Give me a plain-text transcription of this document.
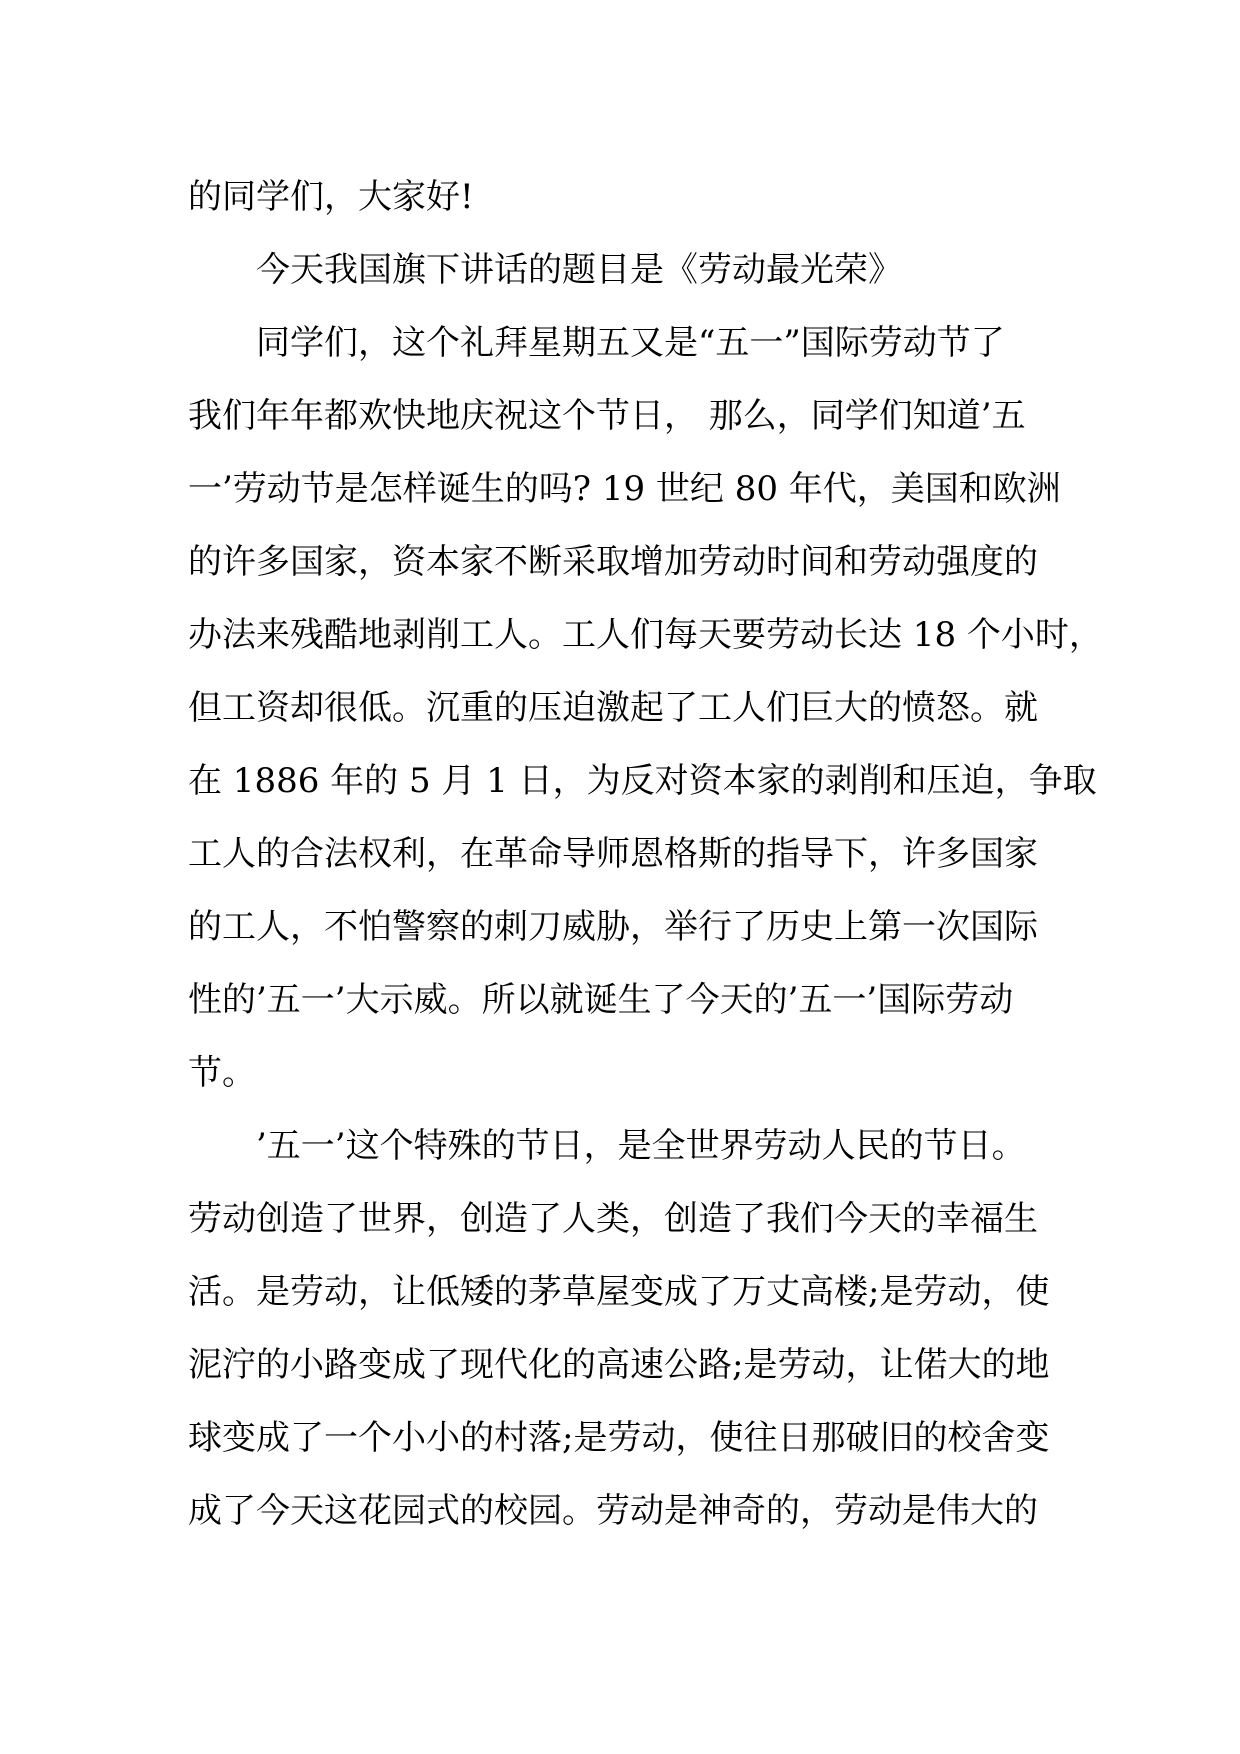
的同学们，大家好!
今天我国旗下讲话的题目是《劳动最光荣》
同学们，这个礼拜星期五又是“五一”国际劳动节了
我们年年都欢快地庆祝这个节日， 那么，同学们知道’五
一’劳动节是怎样诞生的吗? 19 世纪 80 年代，美国和欧洲
的许多国家，资本家不断采取增加劳动时间和劳动强度的
办法来残酷地剥削工人。工人们每天要劳动长达 18 个小时，
但工资却很低。沉重的压迫激起了工人们巨大的愤怒。就
在 1886 年的 5 月 1 日，为反对资本家的剥削和压迫，争取
工人的合法权利，在革命导师恩格斯的指导下，许多国家
的工人，不怕警察的刺刀威胁，举行了历史上第一次国际
性的’五一’大示威。所以就诞生了今天的’五一’国际劳动
节。
’五一’这个特殊的节日，是全世界劳动人民的节日。
劳动创造了世界，创造了人类，创造了我们今天的幸福生
活。是劳动，让低矮的茅草屋变成了万丈高楼;是劳动，使
泥泞的小路变成了现代化的高速公路;是劳动，让偌大的地
球变成了一个小小的村落;是劳动，使往日那破旧的校舍变
成了今天这花园式的校园。劳动是神奇的，劳动是伟大的
